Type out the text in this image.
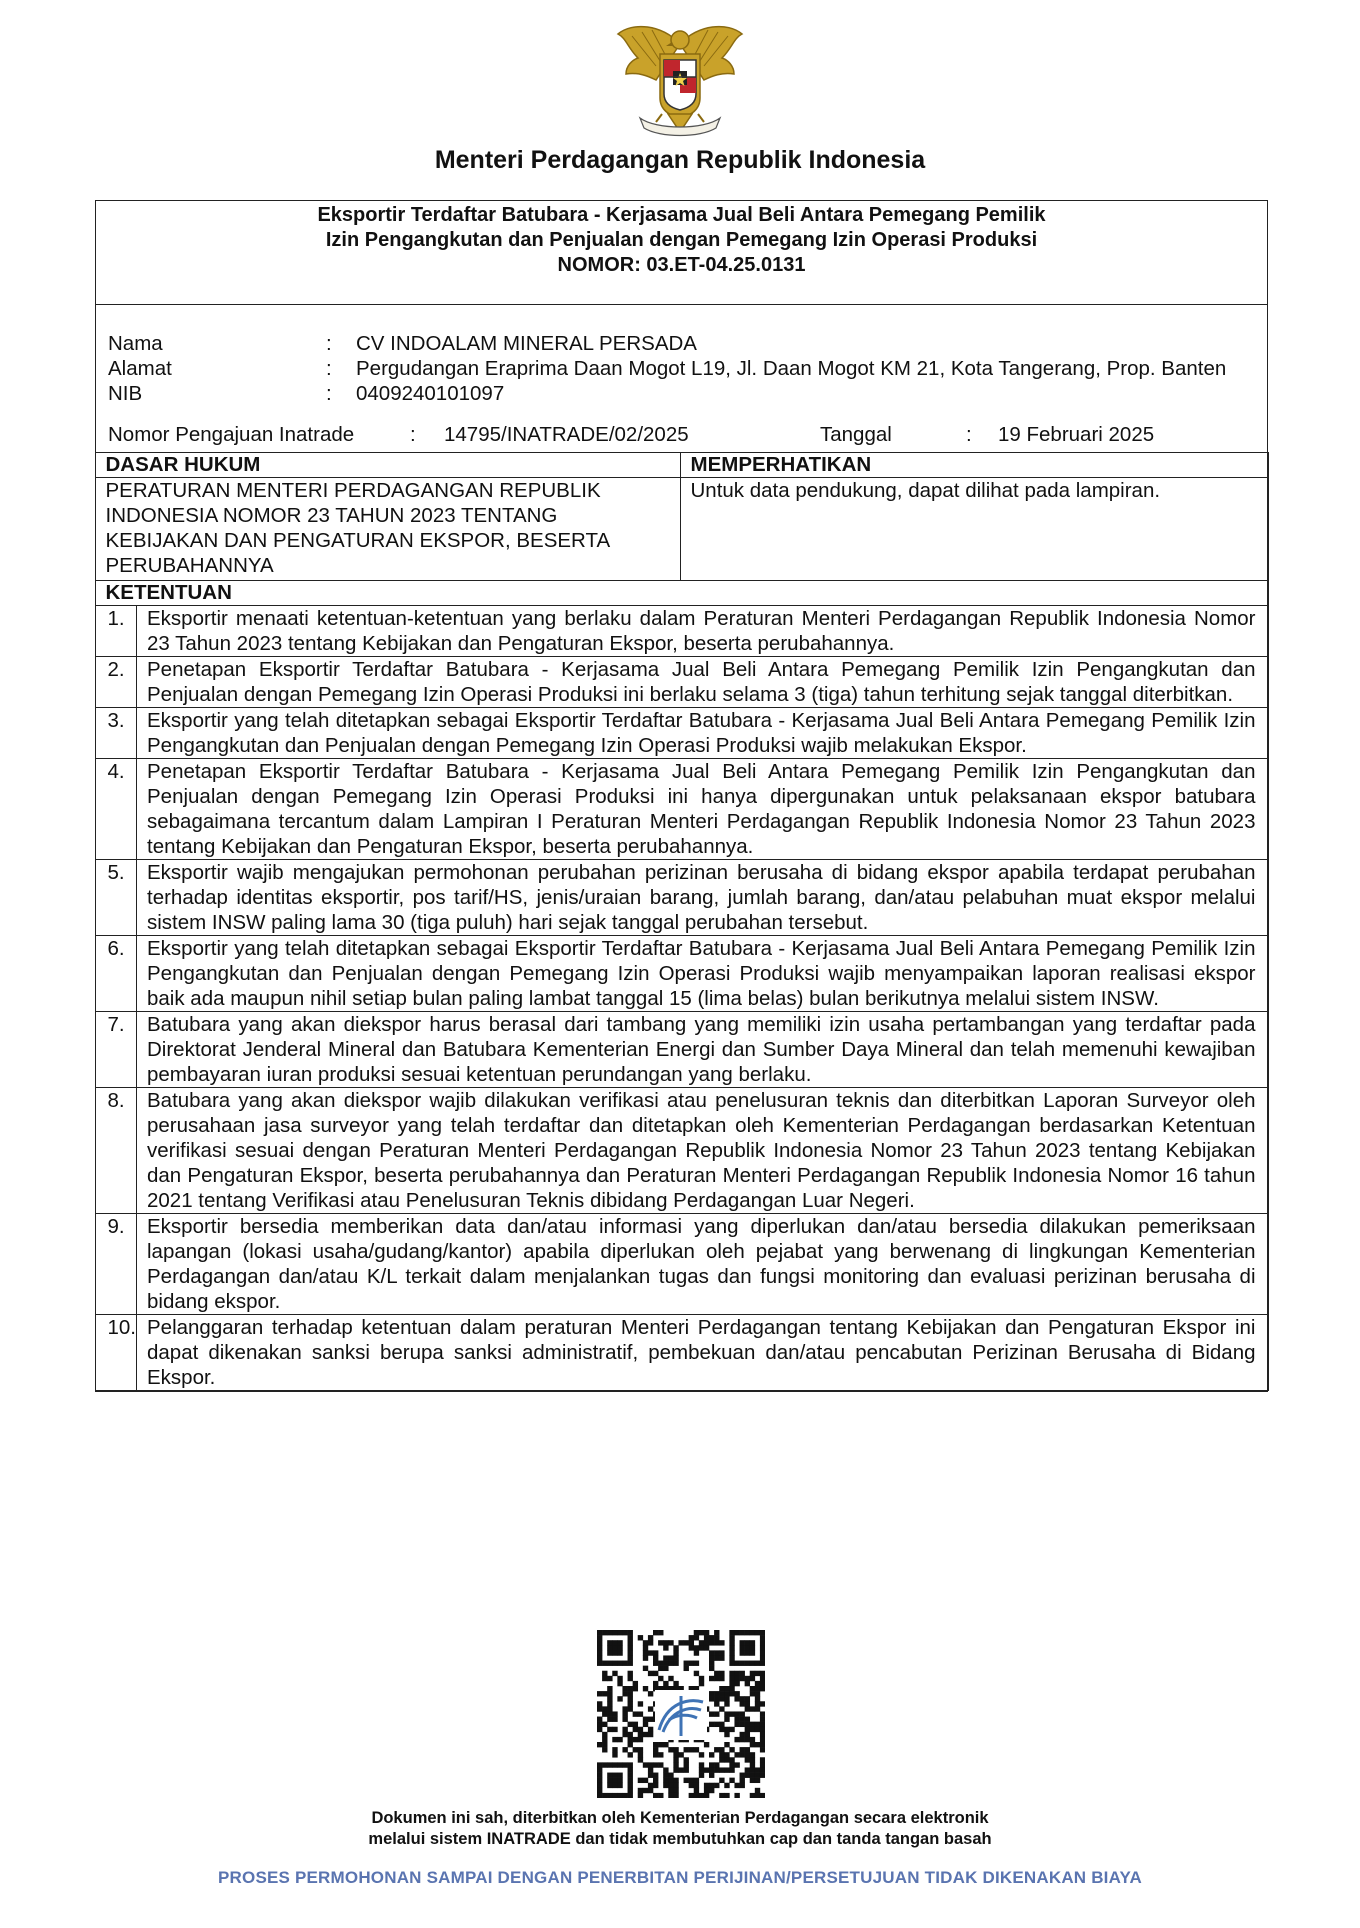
Menteri Perdagangan Republik Indonesia
Eksportir Terdaftar Batubara - Kerjasama Jual Beli Antara Pemegang Pemilik
Izin Pengangkutan dan Penjualan dengan Pemegang Izin Operasi Produksi
NOMOR: 03.ET-04.25.0131
Nama	:	CV INDOALAM MINERAL PERSADA
Alamat	:	Pergudangan Eraprima Daan Mogot L19, Jl. Daan Mogot KM 21, Kota Tangerang, Prop. Banten
NIB	:	0409240101097
Nomor Pengajuan Inatrade	:	14795/INATRADE/02/2025	Tanggal	:	19 Februari 2025
DASAR HUKUM	MEMPERHATIKAN
PERATURAN MENTERI PERDAGANGAN REPUBLIK INDONESIA NOMOR 23 TAHUN 2023 TENTANG KEBIJAKAN DAN PENGATURAN EKSPOR, BESERTA PERUBAHANNYA	Untuk data pendukung, dapat dilihat pada lampiran.
KETENTUAN	
1.	Eksportir menaati ketentuan-ketentuan yang berlaku dalam Peraturan Menteri Perdagangan Republik Indonesia Nomor 23 Tahun 2023 tentang Kebijakan dan Pengaturan Ekspor, beserta perubahannya.
2.	Penetapan Eksportir Terdaftar Batubara - Kerjasama Jual Beli Antara Pemegang Pemilik Izin Pengangkutan dan Penjualan dengan Pemegang Izin Operasi Produksi ini berlaku selama 3 (tiga) tahun terhitung sejak tanggal diterbitkan.
3.	Eksportir yang telah ditetapkan sebagai Eksportir Terdaftar Batubara - Kerjasama Jual Beli Antara Pemegang Pemilik Izin Pengangkutan dan Penjualan dengan Pemegang Izin Operasi Produksi wajib melakukan Ekspor.
4.	Penetapan Eksportir Terdaftar Batubara - Kerjasama Jual Beli Antara Pemegang Pemilik Izin Pengangkutan dan Penjualan dengan Pemegang Izin Operasi Produksi ini hanya dipergunakan untuk pelaksanaan ekspor batubara sebagaimana tercantum dalam Lampiran I Peraturan Menteri Perdagangan Republik Indonesia Nomor 23 Tahun 2023 tentang Kebijakan dan Pengaturan Ekspor, beserta perubahannya.
5.	Eksportir wajib mengajukan permohonan perubahan perizinan berusaha di bidang ekspor apabila terdapat perubahan terhadap identitas eksportir, pos tarif/HS, jenis/uraian barang, jumlah barang, dan/atau pelabuhan muat ekspor melalui sistem INSW paling lama 30 (tiga puluh) hari sejak tanggal perubahan tersebut.
6.	Eksportir yang telah ditetapkan sebagai Eksportir Terdaftar Batubara - Kerjasama Jual Beli Antara Pemegang Pemilik Izin Pengangkutan dan Penjualan dengan Pemegang Izin Operasi Produksi wajib menyampaikan laporan realisasi ekspor baik ada maupun nihil setiap bulan paling lambat tanggal 15 (lima belas) bulan berikutnya melalui sistem INSW.
7.	Batubara yang akan diekspor harus berasal dari tambang yang memiliki izin usaha pertambangan yang terdaftar pada Direktorat Jenderal Mineral dan Batubara Kementerian Energi dan Sumber Daya Mineral dan telah memenuhi kewajiban pembayaran iuran produksi sesuai ketentuan perundangan yang berlaku.
8.	Batubara yang akan diekspor wajib dilakukan verifikasi atau penelusuran teknis dan diterbitkan Laporan Surveyor oleh perusahaan jasa surveyor yang telah terdaftar dan ditetapkan oleh Kementerian Perdagangan berdasarkan Ketentuan verifikasi sesuai dengan Peraturan Menteri Perdagangan Republik Indonesia Nomor 23 Tahun 2023 tentang Kebijakan dan Pengaturan Ekspor, beserta perubahannya dan Peraturan Menteri Perdagangan Republik Indonesia Nomor 16 tahun 2021 tentang Verifikasi atau Penelusuran Teknis dibidang Perdagangan Luar Negeri.
9.	Eksportir bersedia memberikan data dan/atau informasi yang diperlukan dan/atau bersedia dilakukan pemeriksaan lapangan (lokasi usaha/gudang/kantor) apabila diperlukan oleh pejabat yang berwenang di lingkungan Kementerian Perdagangan dan/atau K/L terkait dalam menjalankan tugas dan fungsi monitoring dan evaluasi perizinan berusaha di bidang ekspor.
10.	Pelanggaran terhadap ketentuan dalam peraturan Menteri Perdagangan tentang Kebijakan dan Pengaturan Ekspor ini dapat dikenakan sanksi berupa sanksi administratif, pembekuan dan/atau pencabutan Perizinan Berusaha di Bidang Ekspor.
Dokumen ini sah, diterbitkan oleh Kementerian Perdagangan secara elektronik
melalui sistem INATRADE dan tidak membutuhkan cap dan tanda tangan basah
PROSES PERMOHONAN SAMPAI DENGAN PENERBITAN PERIJINAN/PERSETUJUAN TIDAK DIKENAKAN BIAYA
